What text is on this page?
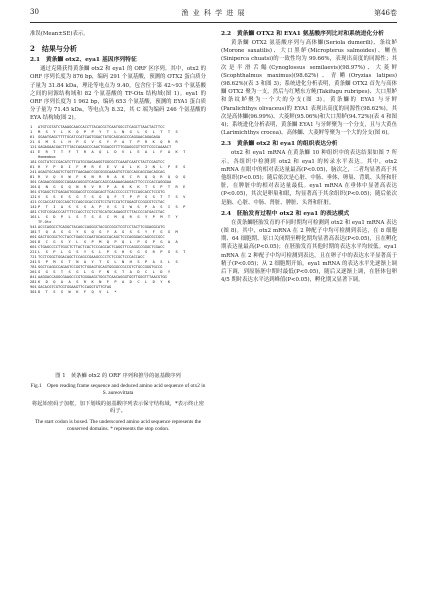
30	渔 业 科 学 进 展	第46卷

准误(Mean±SE)表示。

2　结果与分析
2.1　黄条鰤 otx2、eya1 基因序列特征

通过克隆获得黄条鰤 otx2 和 eya1 的 ORF 区序列。其中，otx2 的 ORF 序列长度为 876 bp，编码 291 个氨基酸，预测的 OTX2 蛋白质分子量为 31.84 kDa，理论等电点为 9.40，包含位于第 42~93 个氨基酸之间的同源结构域和 82 个氨基酸的 TF-Otx 结构域(图 1)。eya1 的 ORF 序列长度为 1 962 bp，编码 653 个氨基酸，预测的 EYA1 蛋白质分子量为 71.45 kDa，等电点为 8.32，其 C 端为编码 246 个氨基酸的 EYA 结构域(图 2)。

1 ATGTCGTATCTAAAGCAACCACCTTACACGCTCAATGGCCTCAGCTTAACTACTTCC
1 M S Y L K Q P P Y T L N G L S L T T S
61 GGAATGAGCTTTTGCATCCATCAGTGGACTATGCAGCAGCCCAGGAACAGAGAGA
21 G M S L H P S V G Y P A T P R K Q R R
121GAGAGAACGACTTTTACCAGAGCCCAACTGGACGTTTTGGAGGCGTTGTTCGCCAAAACT
41 E R T T F T R A Q L D V L E A L F A K T
Homeobox
181CGCTATCCCGACATCTTCATGCGAGAAGGTGGCGCTCAAATCAATCTACTCGAGTCC
61 R Y P D I F M R E E V A L K I N L P E S
241AGAGTGCAGGTCTGGTTTAAGAACCGGCGGGCAAAGTGTCGCCAGCAGCGACAGCAG
81 R V Q V W F K N R R A K C R Q Q R Q Q Q
301CAGAACGGGGGCCAGAACAGGGTCAGACCAGCCAAAAAGAAGACTTCCCCCACCAGGGAA
101Q N G G Q N R V R P A K K K T S P T R E
361GTGAGCTCTGAGAGTGGGACGTCCGGACAGTTCACCCCCCCTTCCAGCACCTCCGTG
121V S S E S G T S G Q F T P P S S T T S V
421CCCACCATCGCCAGCTCCAGCGCACCCGTCCTATCCATCTGGAGTCCGGCGTCCTAC
141P T I A S S S A P V S I W S P A S I S P
481CTGTCGGACCCATTTTCCACCTCCTCCTGCATGCAGAGGTCTTACCCCATGACCTAC
161L S D P L S T S S C M Q R S Y P M T Y
TF-Otx
541ACCCAGGCCTCAGGCTACAGCCAGGGCTACGCCGGCTCGTCCTACTTCGGAGGCATG
181T Q A S G Y S Q G Y A G S S Y F G G M
601GACTGCGGCTCCTACCTGAGCCCAATGCAGCCACAGCTCCCAGGGACCAGCGCCGCC
201D C G S Y L S P M Q P Q L P G P G A A
661CTGAGCCCCTTGGCTCTTACTCACTCCCAGCACTCAGGTTCCAGGCCGGGCTCGACC
221L S P L G S Y S L P S H S G S R P G S T
721TCCTCGGCTGGACAGCTCCAGCCGAAGCCCCTCTCCGCTCCCACCACC
241S P M S T N A Y T S L N H S P A S L S
781GGCTCAGGCCAGAGTCCGGTCTGGAGTGCAGTGGGGCCGCCGTCTGCCGGGTGCCG
261G G S T S G L G F N S T A D C L D Y
841AAGGACCAGGCGAAGCCCGTGGGAAGCTGGCTCAACAGGGTGGTTGGGTTTAACGTGG
281K D Q A A S R K N F P A D C L D Y K
901GACACGTCGTCGTGGAAGTTCCAGGTGTTGTAG
301D T S S W K F Q V L *
图 1　黄条鰤 otx2 的 ORF 序列和推导的氨基酸序列
Fig.1　Open reading frame sequence and deduced amino acid sequence of otx2 in S. aureovittata
将起始密码子加框，加下划线的氨基酸序列表示保守结构域，*表示终止密码子。
The start codon is boxed. The underscored amino acid sequence represents the conserved domains. * represents the stop codon.
2.2　黄条鰤 OTX2 和 EYA1 氨基酸序列比对和系统进化分析

黄条鰤 OTX2 氨基酸序列与高体鰤(Seriola dumerili)、条纹鲈(Morone saxatilis)、大口黑鲈(Micropterus salmoides)、鳜鱼(Siniperca chuatsi)的一致性均为 99.66%，表现出高度的同源性；其次是半滑舌鳎(Cynoglossus semilaevis)(98.97%)、大菱鲆(Scophthalmus maximus)(98.62%)、青鳉(Oryzias latipes)(98.62%)(表 3 和图 3)；系统进化分析表明，黄条鰤 OTX2 首先与高体鰤 OTX2 聚为一支，然后与红鳍东方鲀(Takifugu rubripes)、大口黑鲈和条纹鲈聚为一个大的分支(图 3)。黄条鰤的 EYA1 与牙鲆(Paralichthys olivaceus)的 EYA1 表现出高度的同源性(98.62%)，其次是高体鰤(96.99%)、大菱鲆(95.06%)和大口黑鲈(94.72%)(表 4 和图 4)；系统进化分析表明，黄条鰤 EYA1 与牙鲆聚为一个分支，且与大黄鱼(Larimichthys crocea)、高体鰤、大菱鲆等聚为一个大的分支(图 6)。

2.3　黄条鰤 otx2 和 eya1 的组织表达分析

otx2 和 eya1 mRNA 在黄条鰤 10 种组织中的表达结果如图 7 所示。各组织中检测到 otx2 和 eya1 的转录水平表达。其中，otx2 mRNA 在眼中的相对表达量最高(P<0.05)，脑次之，二者均显著高于其他组织(P<0.05)；随后依次是心脏、中肠、垂体、卵巢、背肌、头肾和肝脏，在脾脏中的相对表达量最低。eya1 mRNA 在垂体中显著高表达(P<0.05)，其次是卵巢和眼，均显著高于其余组织(P<0.05)；随后依次是脑、心脏、中肠、肾脏、脾脏、头肾和肝脏。

2.4　胚胎发育过程中 otx2 和 eya1 的表达模式

在黄条鰤胚胎发育的不同时期均可检测到 otx2 和 eya1 mRNA 表达(图 8)。其中，otx2 mRNA 在 2 种配子中均可检测到表达，在 8 细胞期、64 细胞期、原口关闭期至孵化期均显著高表达(P<0.05)，且在孵化期表达量最高(P<0.05)；在胚胎发育其他时期的表达水平均较低。eya1 mRNA 在 2 种配子中均可检测到表达，且在卵子中的表达水平显著高于精子(P<0.05)；从 2 细胞期开始，eya1 mRNA 的表达水平先逐渐上调后下调，到原肠胚中期时最低(P<0.05)，随后又逐渐上调，在胚体包卵 4/5 期时表达水平达到峰值(P<0.05)，孵化期又显著下调。
